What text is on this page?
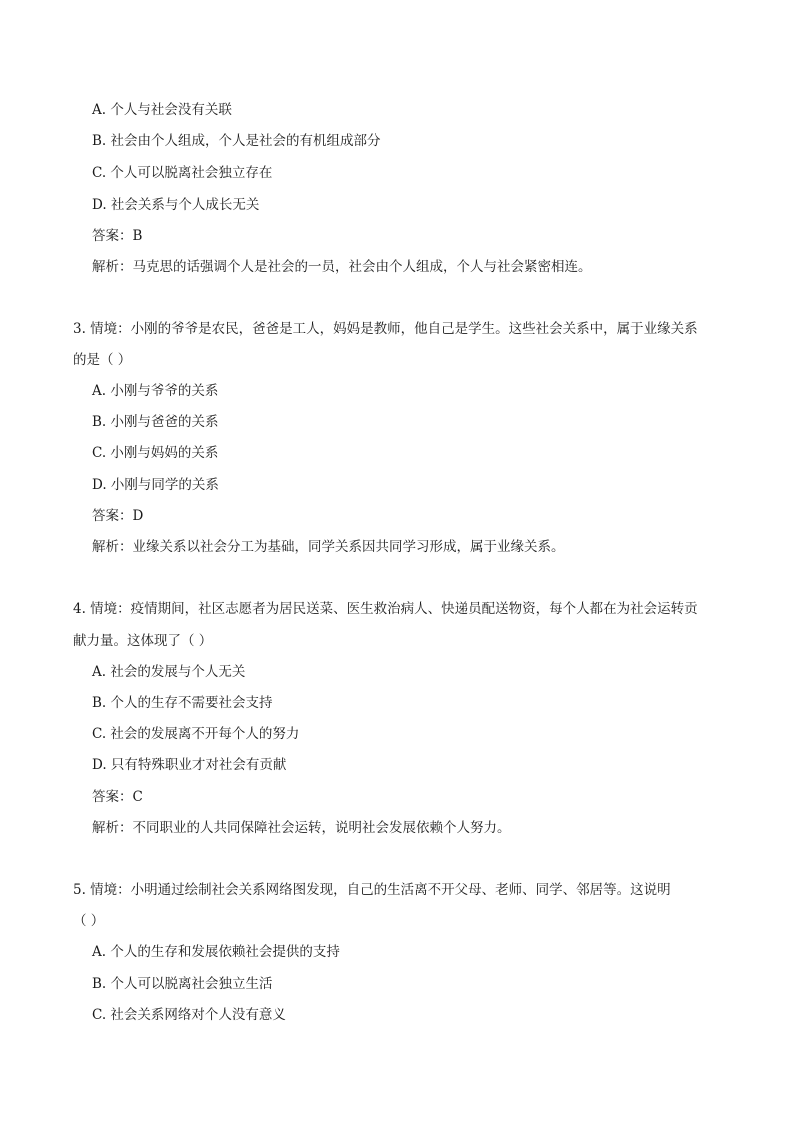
A. 个人与社会没有关联
B. 社会由个人组成，个人是社会的有机组成部分
C. 个人可以脱离社会独立存在
D. 社会关系与个人成长无关
答案：B
解析：马克思的话强调个人是社会的一员，社会由个人组成，个人与社会紧密相连。
3. 情境：小刚的爷爷是农民，爸爸是工人，妈妈是教师，他自己是学生。这些社会关系中，属于业缘关系
的是（ ）
A. 小刚与爷爷的关系
B. 小刚与爸爸的关系
C. 小刚与妈妈的关系
D. 小刚与同学的关系
答案：D
解析：业缘关系以社会分工为基础，同学关系因共同学习形成，属于业缘关系。
4. 情境：疫情期间，社区志愿者为居民送菜、医生救治病人、快递员配送物资，每个人都在为社会运转贡
献力量。这体现了（ ）
A. 社会的发展与个人无关
B. 个人的生存不需要社会支持
C. 社会的发展离不开每个人的努力
D. 只有特殊职业才对社会有贡献
答案：C
解析：不同职业的人共同保障社会运转，说明社会发展依赖个人努力。
5. 情境：小明通过绘制社会关系网络图发现，自己的生活离不开父母、老师、同学、邻居等。这说明
（ ）
A. 个人的生存和发展依赖社会提供的支持
B. 个人可以脱离社会独立生活
C. 社会关系网络对个人没有意义
